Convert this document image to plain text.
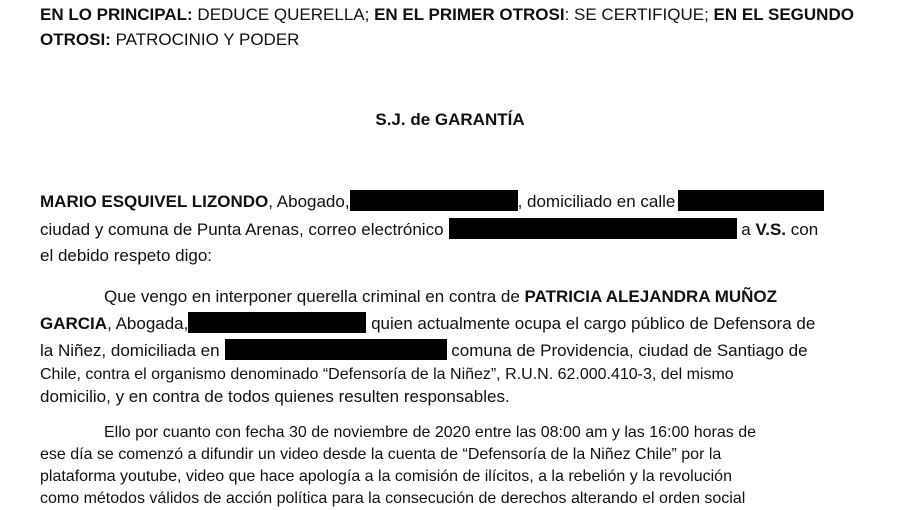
EN LO PRINCIPAL: DEDUCE QUERELLA; EN EL PRIMER OTROSI: SE CERTIFIQUE; EN EL SEGUNDO
OTROSI: PATROCINIO Y PODER
S.J. de GARANTÍA
MARIO ESQUIVEL LIZONDO, Abogado,	, domiciliado en calle
ciudad y comuna de Punta Arenas, correo electrónico	a V.S. con
el debido respeto digo:
Que vengo en interponer querella criminal en contra de PATRICIA ALEJANDRA MUÑOZ
GARCIA, Abogada,	quien actualmente ocupa el cargo público de Defensora de
la Niñez, domiciliada en	comuna de Providencia, ciudad de Santiago de
Chile, contra el organismo denominado “Defensoría de la Niñez”, R.U.N. 62.000.410-3, del mismo
domicilio, y en contra de todos quienes resulten responsables.
Ello por cuanto con fecha 30 de noviembre de 2020 entre las 08:00 am y las 16:00 horas de
ese día se comenzó a difundir un video desde la cuenta de “Defensoría de la Niñez Chile” por la
plataforma youtube, video que hace apología a la comisión de ilícitos, a la rebelión y la revolución
como métodos válidos de acción política para la consecución de derechos alterando el orden social
